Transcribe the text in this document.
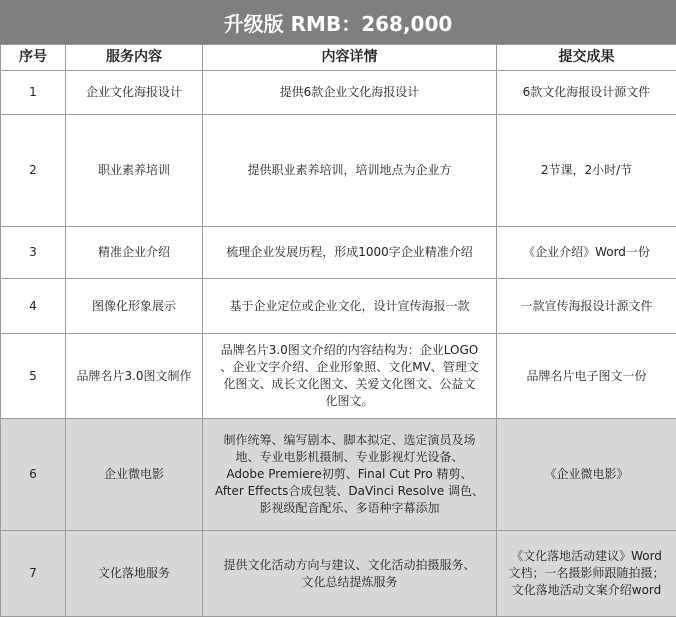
升级版 RMB：268,000
序号	服务内容	内容详情	提交成果
1	企业文化海报设计	提供6款企业文化海报设计	6款文化海报设计源文件
2	职业素养培训	提供职业素养培训，培训地点为企业方	2节课，2小时/节
3	精准企业介绍	梳理企业发展历程，形成1000字企业精准介绍	《企业介绍》Word一份
4	图像化形象展示	基于企业定位或企业文化，设计宣传海报一款	一款宣传海报设计源文件
5	品牌名片3.0图文制作	品牌名片3.0图文介绍的内容结构为：企业LOGO
、企业文字介绍、企业形象照、文化MV、管理文
化图文、成长文化图文、关爱文化图文、公益文
化图文。	品牌名片电子图文一份
6	企业微电影	制作统筹、编写剧本、脚本拟定、选定演员及场
地、专业电影机摄制、专业影视灯光设备、
Adobe Premiere初剪、Final Cut Pro 精剪、
After Effects合成包装、DaVinci Resolve 调色、
影视级配音配乐、多语种字幕添加	《企业微电影》
7	文化落地服务	提供文化活动方向与建议、文化活动拍摄服务、
文化总结提炼服务	《文化落地活动建议》Word
文档；一名摄影师跟随拍摄；
文化落地活动文案介绍word
